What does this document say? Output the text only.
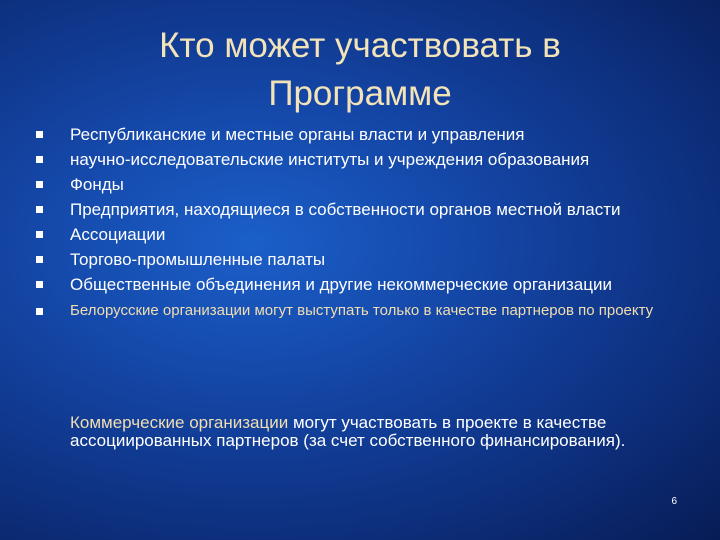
Кто может участвовать в
Программе
Республиканские и местные органы власти и управления
научно-исследовательские институты и учреждения образования
Фонды
Предприятия, находящиеся в собственности органов местной власти
Ассоциации
Торгово-промышленные палаты
Общественные объединения и другие некоммерческие организации
Белорусские организации могут выступать только в качестве партнеров по проекту
Коммерческие организации могут участвовать в проекте в качестве ассоциированных партнеров (за счет собственного финансирования).
6
